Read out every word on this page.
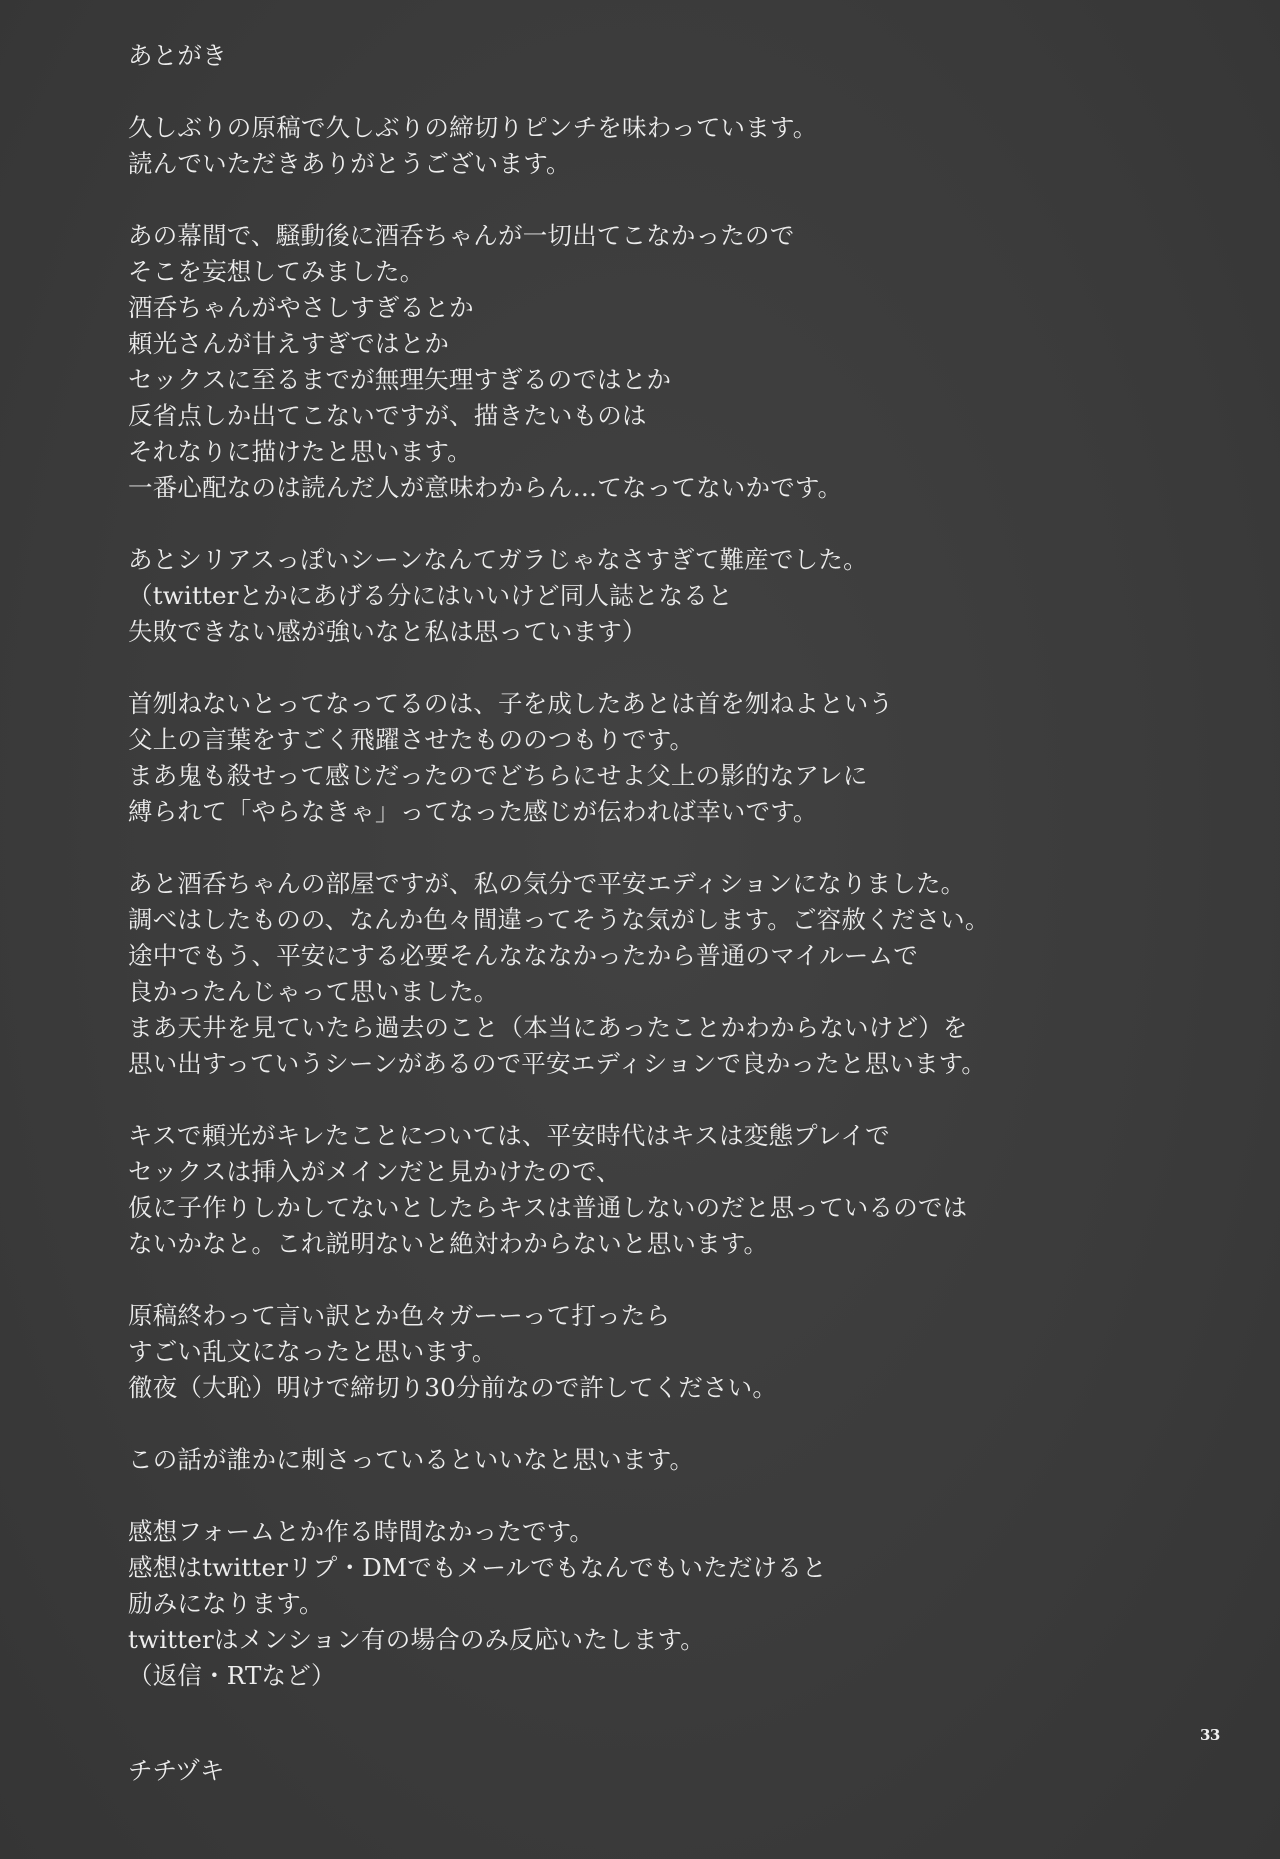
あとがき
久しぶりの原稿で久しぶりの締切りピンチを味わっています。
読んでいただきありがとうございます。
あの幕間で、騒動後に酒呑ちゃんが一切出てこなかったので
そこを妄想してみました。
酒呑ちゃんがやさしすぎるとか
頼光さんが甘えすぎではとか
セックスに至るまでが無理矢理すぎるのではとか
反省点しか出てこないですが、描きたいものは
それなりに描けたと思います。
一番心配なのは読んだ人が意味わからん…てなってないかです。
あとシリアスっぽいシーンなんてガラじゃなさすぎて難産でした。
（twitterとかにあげる分にはいいけど同人誌となると
失敗できない感が強いなと私は思っています）
首刎ねないとってなってるのは、子を成したあとは首を刎ねよという
父上の言葉をすごく飛躍させたもののつもりです。
まあ鬼も殺せって感じだったのでどちらにせよ父上の影的なアレに
縛られて「やらなきゃ」ってなった感じが伝われば幸いです。
あと酒呑ちゃんの部屋ですが、私の気分で平安エディションになりました。
調べはしたものの、なんか色々間違ってそうな気がします。ご容赦ください。
途中でもう、平安にする必要そんなななかったから普通のマイルームで
良かったんじゃって思いました。
まあ天井を見ていたら過去のこと（本当にあったことかわからないけど）を
思い出すっていうシーンがあるので平安エディションで良かったと思います。
キスで頼光がキレたことについては、平安時代はキスは変態プレイで
セックスは挿入がメインだと見かけたので、
仮に子作りしかしてないとしたらキスは普通しないのだと思っているのでは
ないかなと。これ説明ないと絶対わからないと思います。
原稿終わって言い訳とか色々ガーーって打ったら
すごい乱文になったと思います。
徹夜（大恥）明けで締切り30分前なので許してください。
この話が誰かに刺さっているといいなと思います。
感想フォームとか作る時間なかったです。
感想はtwitterリプ・DMでもメールでもなんでもいただけると
励みになります。
twitterはメンション有の場合のみ反応いたします。
（返信・RTなど）
33
チチヅキ
